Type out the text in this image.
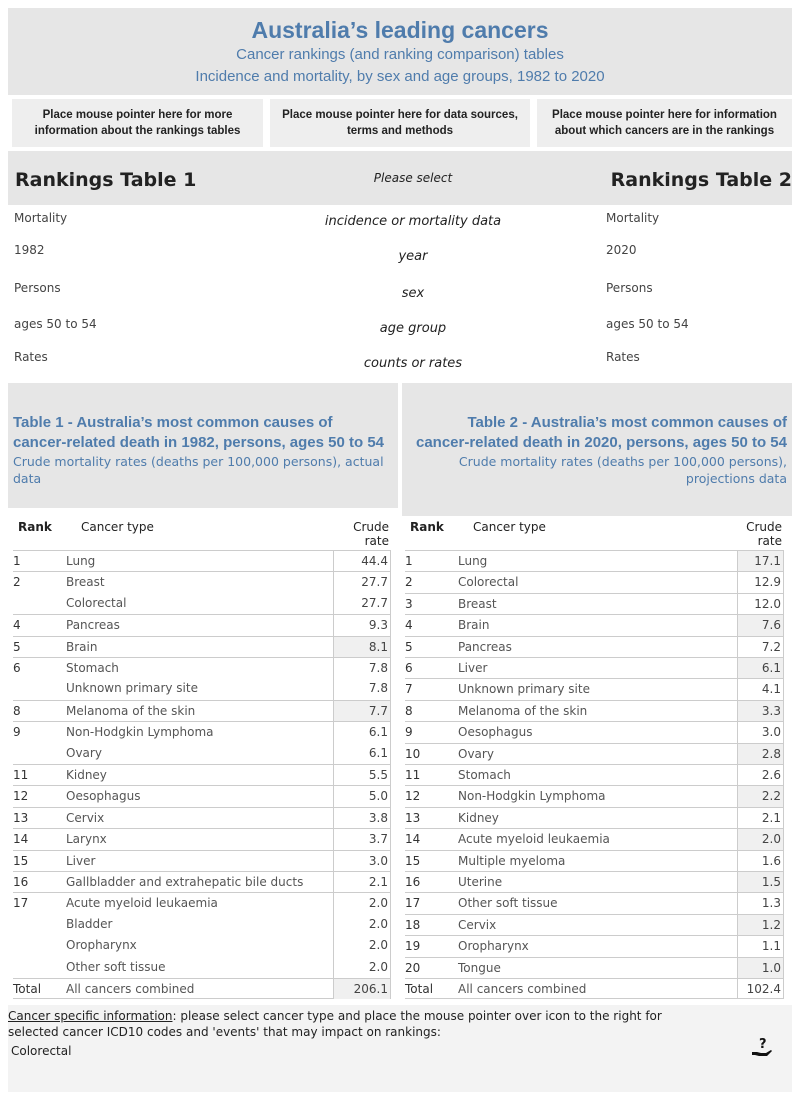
Australia’s leading cancers
Cancer rankings (and ranking comparison) tables
Incidence and mortality, by sex and age groups, 1982 to 2020
Place mouse pointer here for more information about the rankings tables
Place mouse pointer here for data sources, terms and methods
Place mouse pointer here for information about which cancers are in the rankings
Rankings Table 1	Rankings Table 2
Please select
Mortality	incidence or mortality data	Mortality
1982	year	2020
Persons	sex	Persons
ages 50 to 54	age group	ages 50 to 54
Rates	counts or rates	Rates
Table 1 - Australia’s most common causes of cancer-related death in 1982, persons, ages 50 to 54
Crude mortality rates (deaths per 100,000 persons), actual data
Table 2 - Australia’s most common causes of cancer-related death in 2020, persons, ages 50 to 54
Crude mortality rates (deaths per 100,000 persons), projections data
Rank Cancer type	Crude rate
1	Lung	44.4
2	Breast	27.7
Colorectal	27.7
4	Pancreas	9.3
5	Brain	8.1
6	Stomach	7.8
Unknown primary site	7.8
8	Melanoma of the skin	7.7
9	Non-Hodgkin Lymphoma	6.1
Ovary	6.1
11	Kidney	5.5
12	Oesophagus	5.0
13	Cervix	3.8
14	Larynx	3.7
15	Liver	3.0
16	Gallbladder and extrahepatic bile ducts	2.1
17	Acute myeloid leukaemia	2.0
Bladder	2.0
Oropharynx	2.0
Other soft tissue	2.0
Total All cancers combined	206.1
Rank Cancer type	Crude rate
1	Lung	17.1
2	Colorectal	12.9
3	Breast	12.0
4	Brain	7.6
5	Pancreas	7.2
6	Liver	6.1
7	Unknown primary site	4.1
8	Melanoma of the skin	3.3
9	Oesophagus	3.0
10	Ovary	2.8
11	Stomach	2.6
12	Non-Hodgkin Lymphoma	2.2
13	Kidney	2.1
14	Acute myeloid leukaemia	2.0
15	Multiple myeloma	1.6
16	Uterine	1.5
17	Other soft tissue	1.3
18	Cervix	1.2
19	Oropharynx	1.1
20	Tongue	1.0
Total All cancers combined	102.4
Cancer specific information: please select cancer type and place the mouse pointer over icon to the right for selected cancer ICD10 codes and 'events' that may impact on rankings:
Colorectal	?
